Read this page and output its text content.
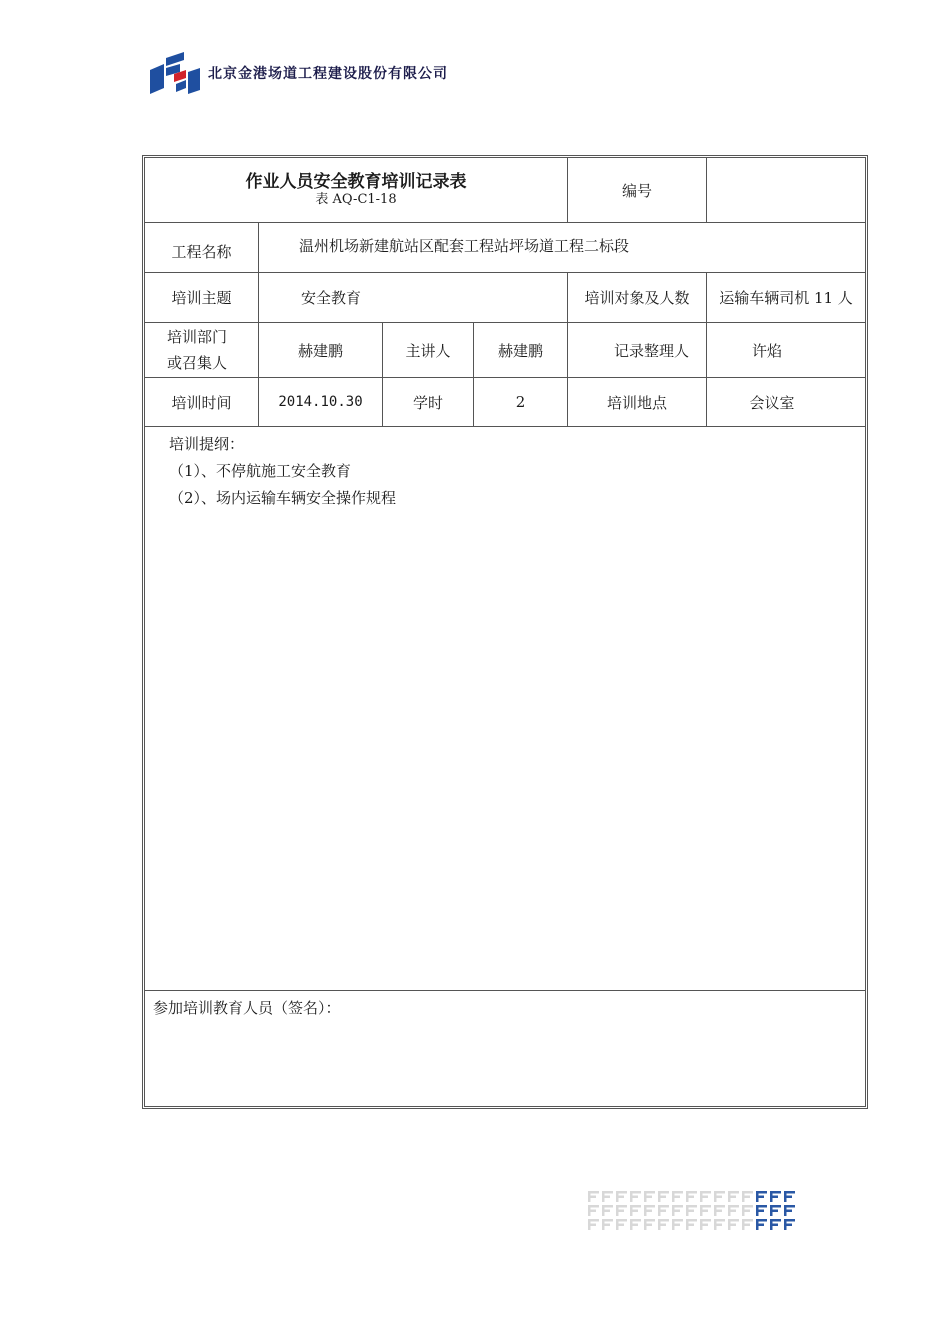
北京金港场道工程建设股份有限公司
作业人员安全教育培训记录表
表 AQ-C1-18	编号
工程名称	温州机场新建航站区配套工程站坪场道工程二标段
培训主题	安全教育	培训对象及人数	运输车辆司机 11 人
培训部门
或召集人
赫建鹏	主讲人	赫建鹏	记录整理人	许焰
培训时间	2014.10.30	学时	2	培训地点	会议室

培训提纲：

（1）、不停航施工安全教育

（2）、场内运输车辆安全操作规程

参加培训教育人员（签名）：
